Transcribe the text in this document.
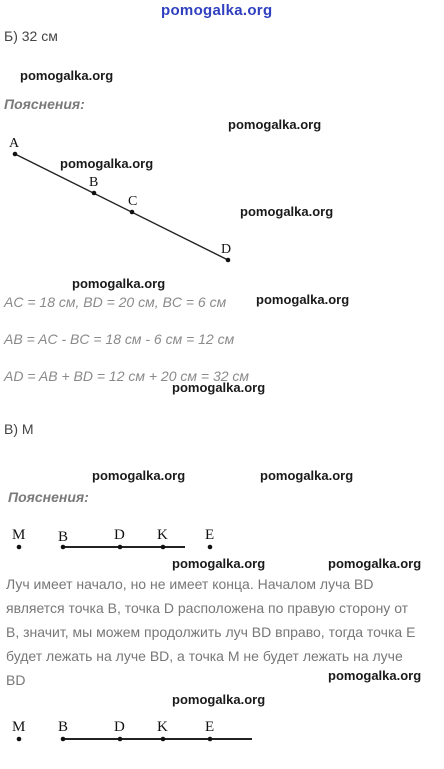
pomogalka.org
Б) 32 см
pomogalka.org
Пояснения:
pomogalka.org
A
B
C
D
pomogalka.org
pomogalka.org
pomogalka.org
AC = 18 см, BD = 20 см, BC = 6 см pomogalka.org
AB = AC - BC = 18 см - 6 см = 12 см
AD = AB + BD = 12 см + 20 см = 32 см
pomogalka.org
В) M
pomogalka.org	pomogalka.org
Пояснения:
M B	D K E
pomogalka.org	pomogalka.org
Луч имеет начало, но не имеет конца. Началом луча BD является точка B, точка D расположена по правую сторону от B, значит, мы можем продолжить луч BD вправо, тогда точка E будет лежать на луче BD, а точка M не будет лежать на луче BD	pomogalka.org
pomogalka.org
M B	D K E
